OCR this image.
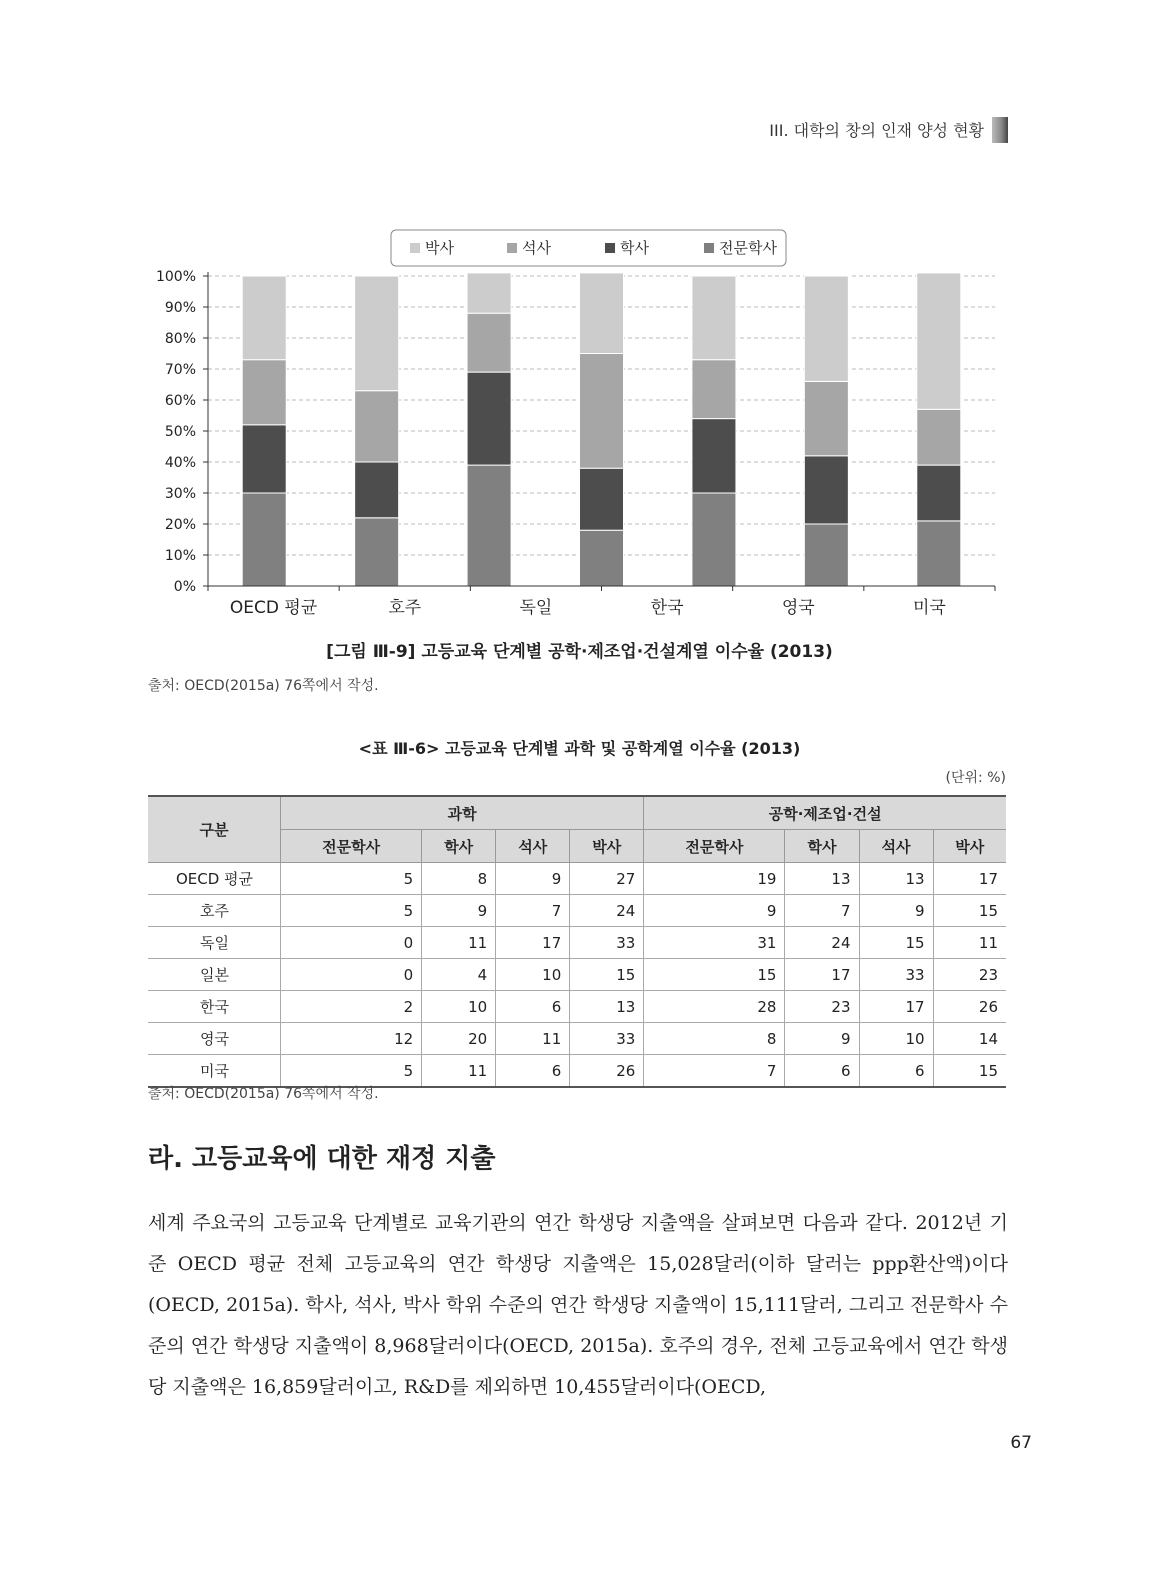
III. 대학의 창의 인재 양성 현황
박사	석사	학사	전문학사
0%
10%
20%
30%
40%
50%
60%
70%
80%
90%
100%
OECD 평균	호주	독일	한국	영국	미국
[그림 Ⅲ-9] 고등교육 단계별 공학·제조업·건설계열 이수율 (2013)
출처: OECD(2015a) 76쪽에서 작성.
<표 Ⅲ-6> 고등교육 단계별 과학 및 공학계열 이수율 (2013)
(단위: %)
구분	과학				공학·제조업·건설			
	전문학사	학사	석사	박사	전문학사	학사	석사	박사
OECD 평균	5	8	9	27	19	13	13	17
호주	5	9	7	24	9	7	9	15
독일	0	11	17	33	31	24	15	11
일본	0	4	10	15	15	17	33	23
한국	2	10	6	13	28	23	17	26
영국	12	20	11	33	8	9	10	14
미국	5	11	6	26	7	6	6	15
출처: OECD(2015a) 76쪽에서 작성.
라. 고등교육에 대한 재정 지출
세계 주요국의 고등교육 단계별로 교육기관의 연간 학생당 지출액을 살펴보면 다음과 같다. 2012년 기준 OECD 평균 전체 고등교육의 연간 학생당 지출액은 15,028달러(이하 달러는 ppp환산액)이다(OECD, 2015a). 학사, 석사, 박사 학위 수준의 연간 학생당 지출액이 15,111달러, 그리고 전문학사 수준의 연간 학생당 지출액이 8,968달러이다(OECD, 2015a). 호주의 경우, 전체 고등교육에서 연간 학생당 지출액은 16,859달러이고, R&D를 제외하면 10,455달러이다(OECD,
67
